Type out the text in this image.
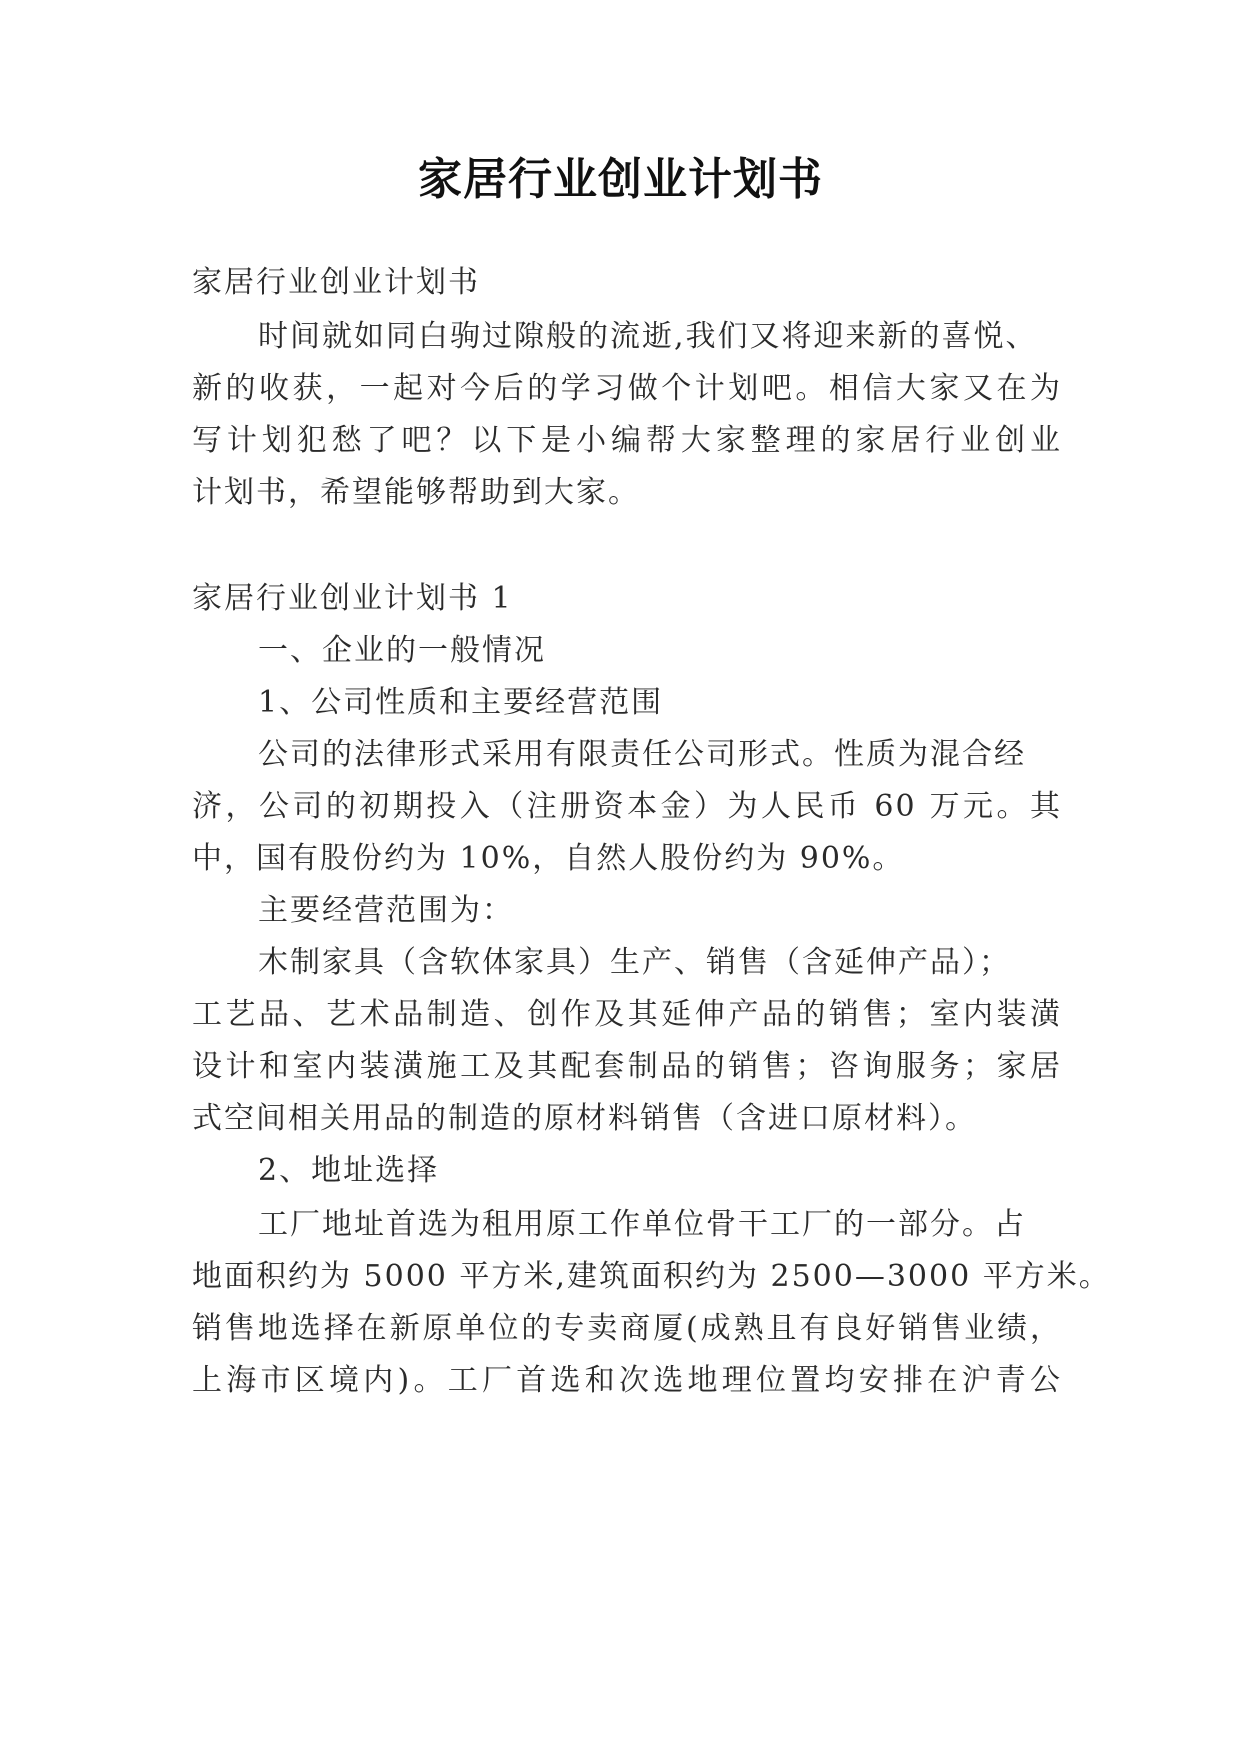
家居行业创业计划书
家居行业创业计划书
时间就如同白驹过隙般的流逝,我们又将迎来新的喜悦、
新的收获，一起对今后的学习做个计划吧。相信大家又在为
写计划犯愁了吧？以下是小编帮大家整理的家居行业创业
计划书，希望能够帮助到大家。
家居行业创业计划书 1
一、企业的一般情况
1、公司性质和主要经营范围
公司的法律形式采用有限责任公司形式。性质为混合经
济，公司的初期投入（注册资本金）为人民币 60 万元。其
中，国有股份约为 10%，自然人股份约为 90%。
主要经营范围为：
木制家具（含软体家具）生产、销售（含延伸产品）；
工艺品、艺术品制造、创作及其延伸产品的销售；室内装潢
设计和室内装潢施工及其配套制品的销售；咨询服务；家居
式空间相关用品的制造的原材料销售（含进口原材料）。
2、地址选择
工厂地址首选为租用原工作单位骨干工厂的一部分。占
地面积约为 5000 平方米,建筑面积约为 2500—3000 平方米。
销售地选择在新原单位的专卖商厦(成熟且有良好销售业绩，
上海市区境内)。工厂首选和次选地理位置均安排在沪青公
